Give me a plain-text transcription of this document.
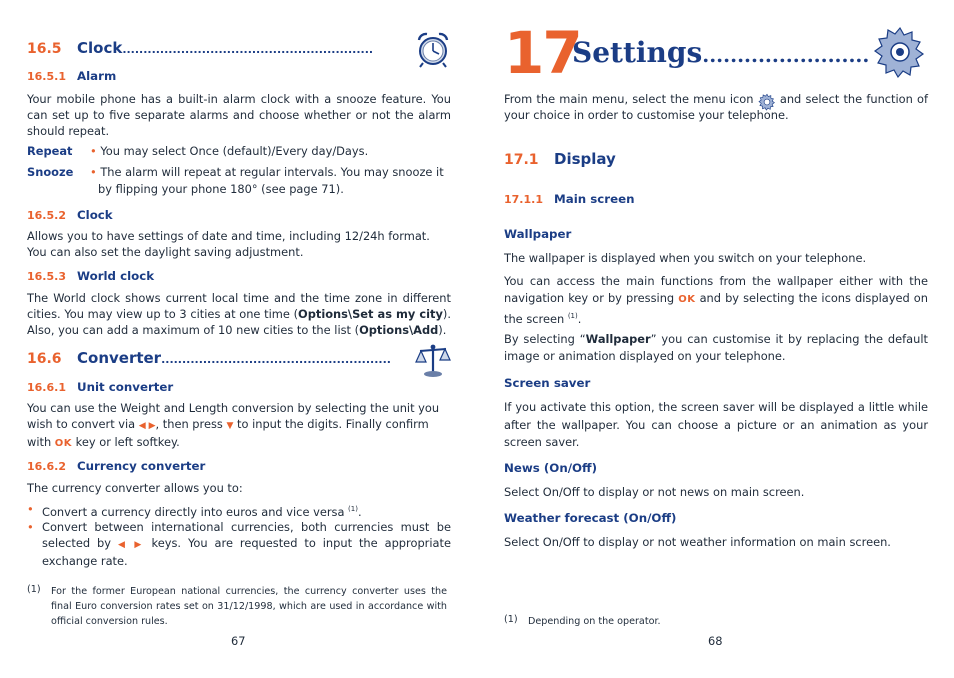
16.5 Clock............................................................
16.5.1 Alarm

Your mobile phone has a built-in alarm clock with a snooze feature. You can set up to five separate alarms and choose whether or not the alarm should repeat.

Repeat • You may select Once (default)/Every day/Days.
Snooze • The alarm will repeat at regular intervals. You may snooze it by flipping your phone 180° (see page 71).
16.5.2 Clock

Allows you to have settings of date and time, including 12/24h format.

You can also set the daylight saving adjustment.

16.5.3 World clock

The World clock shows current local time and the time zone in different cities. You may view up to 3 cities at one time (Options\Set as my city). Also, you can add a maximum of 10 new cities to the list (Options\Add).

16.6 Converter.......................................................
16.6.1 Unit converter

You can use the Weight and Length conversion by selecting the unit you wish to convert via ◀ ▶, then press ▼ to input the digits. Finally confirm with OK key or left softkey.

16.6.2 Currency converter

The currency converter allows you to:

• Convert a currency directly into euros and vice versa $^{(1)}$.
• Convert between international currencies, both currencies must be selected by ◀ ▶ keys. You are requested to input the appropriate exchange rate.
(1) For the former European national currencies, the currency converter uses the final Euro conversion rates set on 31/12/1998, which are used in accordance with official conversion rules.

67
17
Settings........................

From the main menu, select the menu icon and select the function of your choice in order to customise your telephone.

17.1 Display
17.1.1 Main screen
Wallpaper

The wallpaper is displayed when you switch on your telephone.

You can access the main functions from the wallpaper either with the navigation key or by pressing OK and by selecting the icons displayed on the screen $^{(1)}$.

By selecting “Wallpaper” you can customise it by replacing the default image or animation displayed on your telephone.

Screen saver

If you activate this option, the screen saver will be displayed a little while after the wallpaper. You can choose a picture or an animation as your screen saver.

News (On/Off)

Select On/Off to display or not news on main screen.

Weather forecast (On/Off)

Select On/Off to display or not weather information on main screen.

(1) Depending on the operator.

68
